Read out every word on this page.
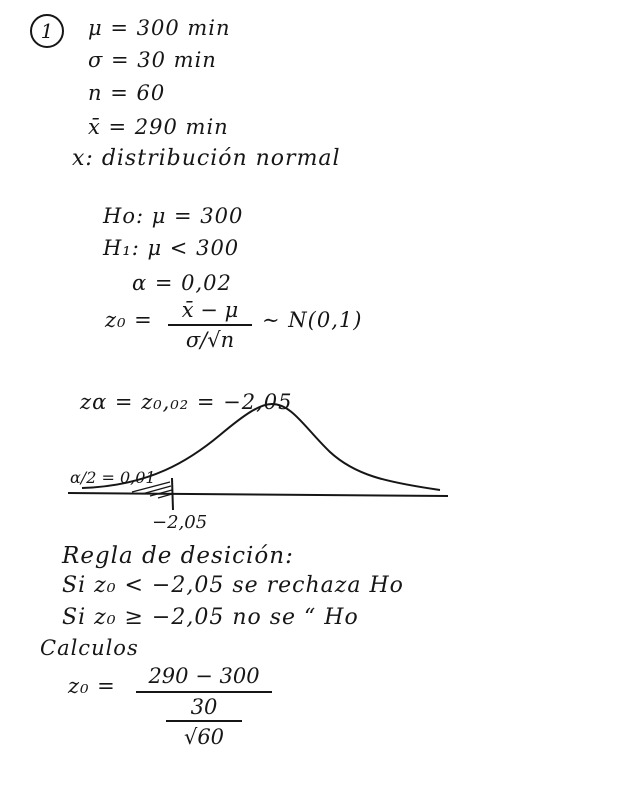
1	μ = 300 min
σ = 30 min
n = 60
x̄ = 290 min
x: distribución normal
Ho: μ = 300
H₁: μ < 300
α = 0,02
z₀ =	x̄ − μ
σ/√n
∼ N(0,1)
zα = z₀,₀₂ = −2,05
α/2 = 0,01
−2,05
Regla de desición:
Si z₀ < −2,05 se rechaza Ho
Si z₀ ≥ −2,05 no se “ Ho
Calculos
z₀ =	290 − 300
30
√60
